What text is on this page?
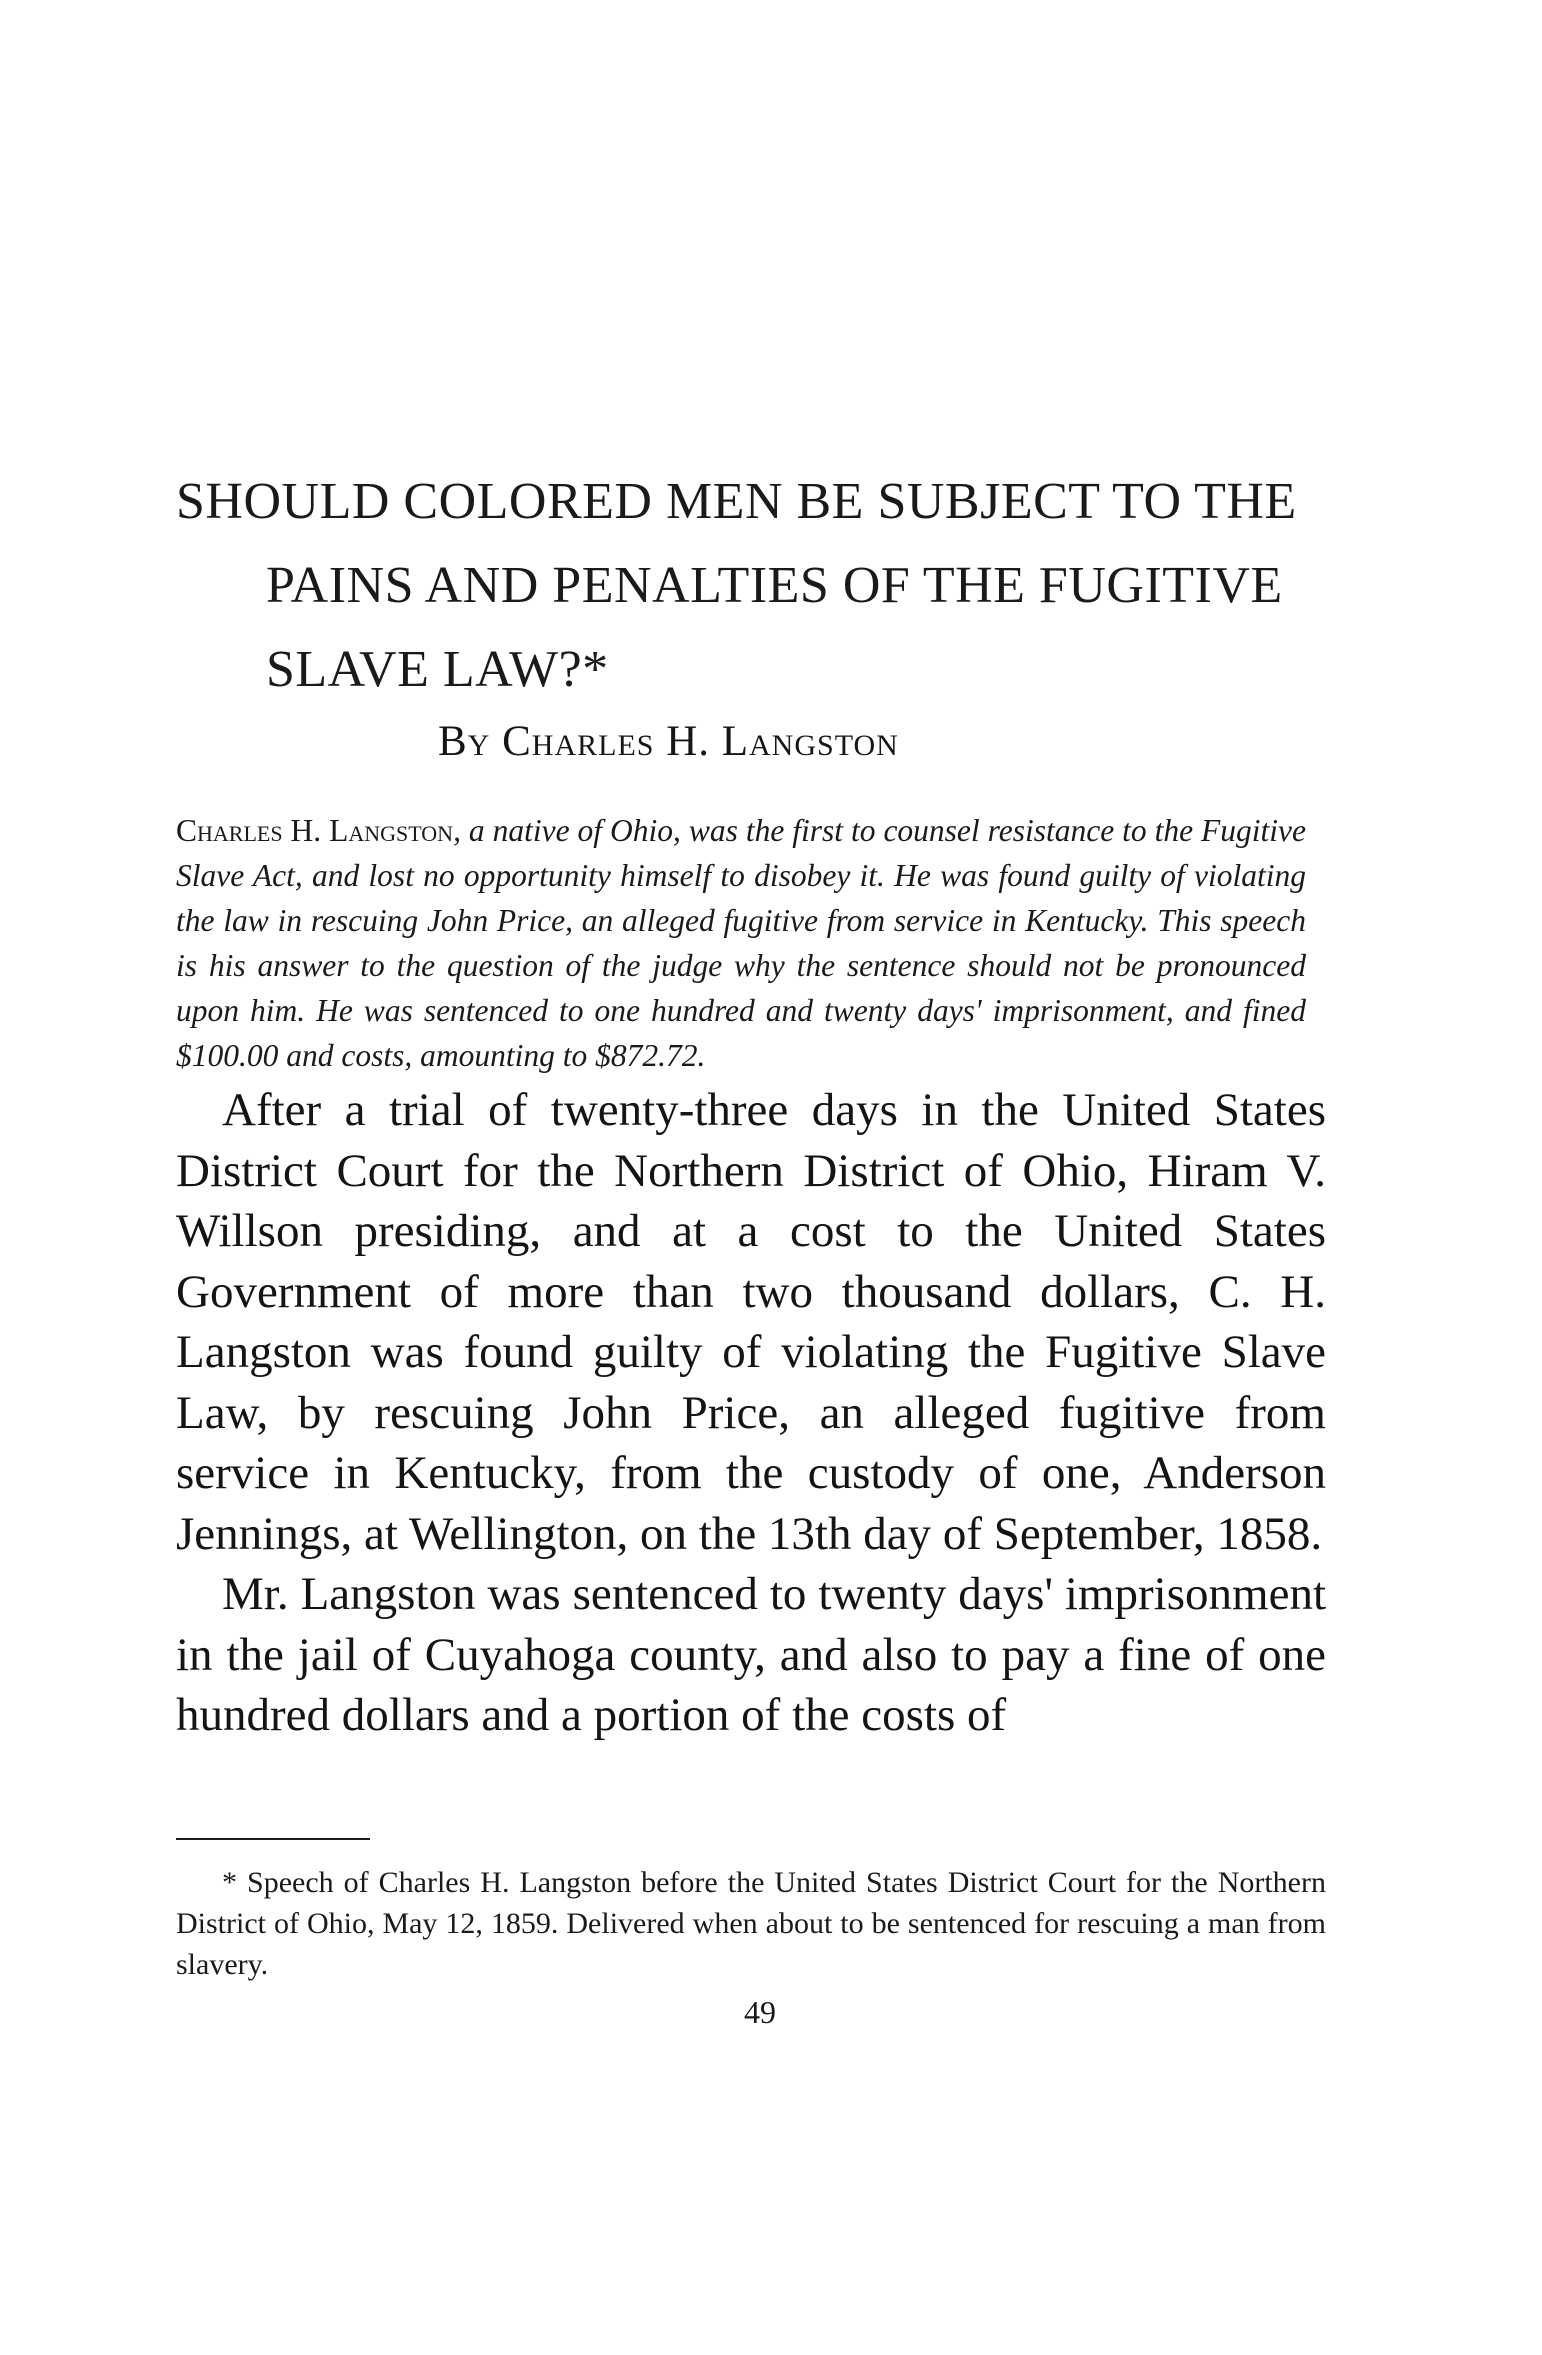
SHOULD COLORED MEN BE SUBJECT TO THE
PAINS AND PENALTIES OF THE FUGITIVE
SLAVE LAW?*
By Charles H. Langston
Charles H. Langston, a native of Ohio, was the first to counsel resistance to the Fugitive Slave Act, and lost no opportunity himself to disobey it. He was found guilty of violating the law in rescuing John Price, an alleged fugitive from service in Kentucky. This speech is his answer to the question of the judge why the sentence should not be pronounced upon him. He was sentenced to one hundred and twenty days' imprisonment, and fined $100.00 and costs, amounting to $872.72.

After a trial of twenty-three days in the United States District Court for the Northern District of Ohio, Hiram V. Willson presiding, and at a cost to the United States Government of more than two thousand dollars, C. H. Langston was found guilty of violating the Fugitive Slave Law, by rescuing John Price, an alleged fugitive from service in Kentucky, from the custody of one, Anderson Jennings, at Wellington, on the 13th day of September, 1858.

Mr. Langston was sentenced to twenty days' imprisonment in the jail of Cuyahoga county, and also to pay a fine of one hundred dollars and a portion of the costs of

* Speech of Charles H. Langston before the United States District Court for the Northern District of Ohio, May 12, 1859. Delivered when about to be sentenced for rescuing a man from slavery.
49
